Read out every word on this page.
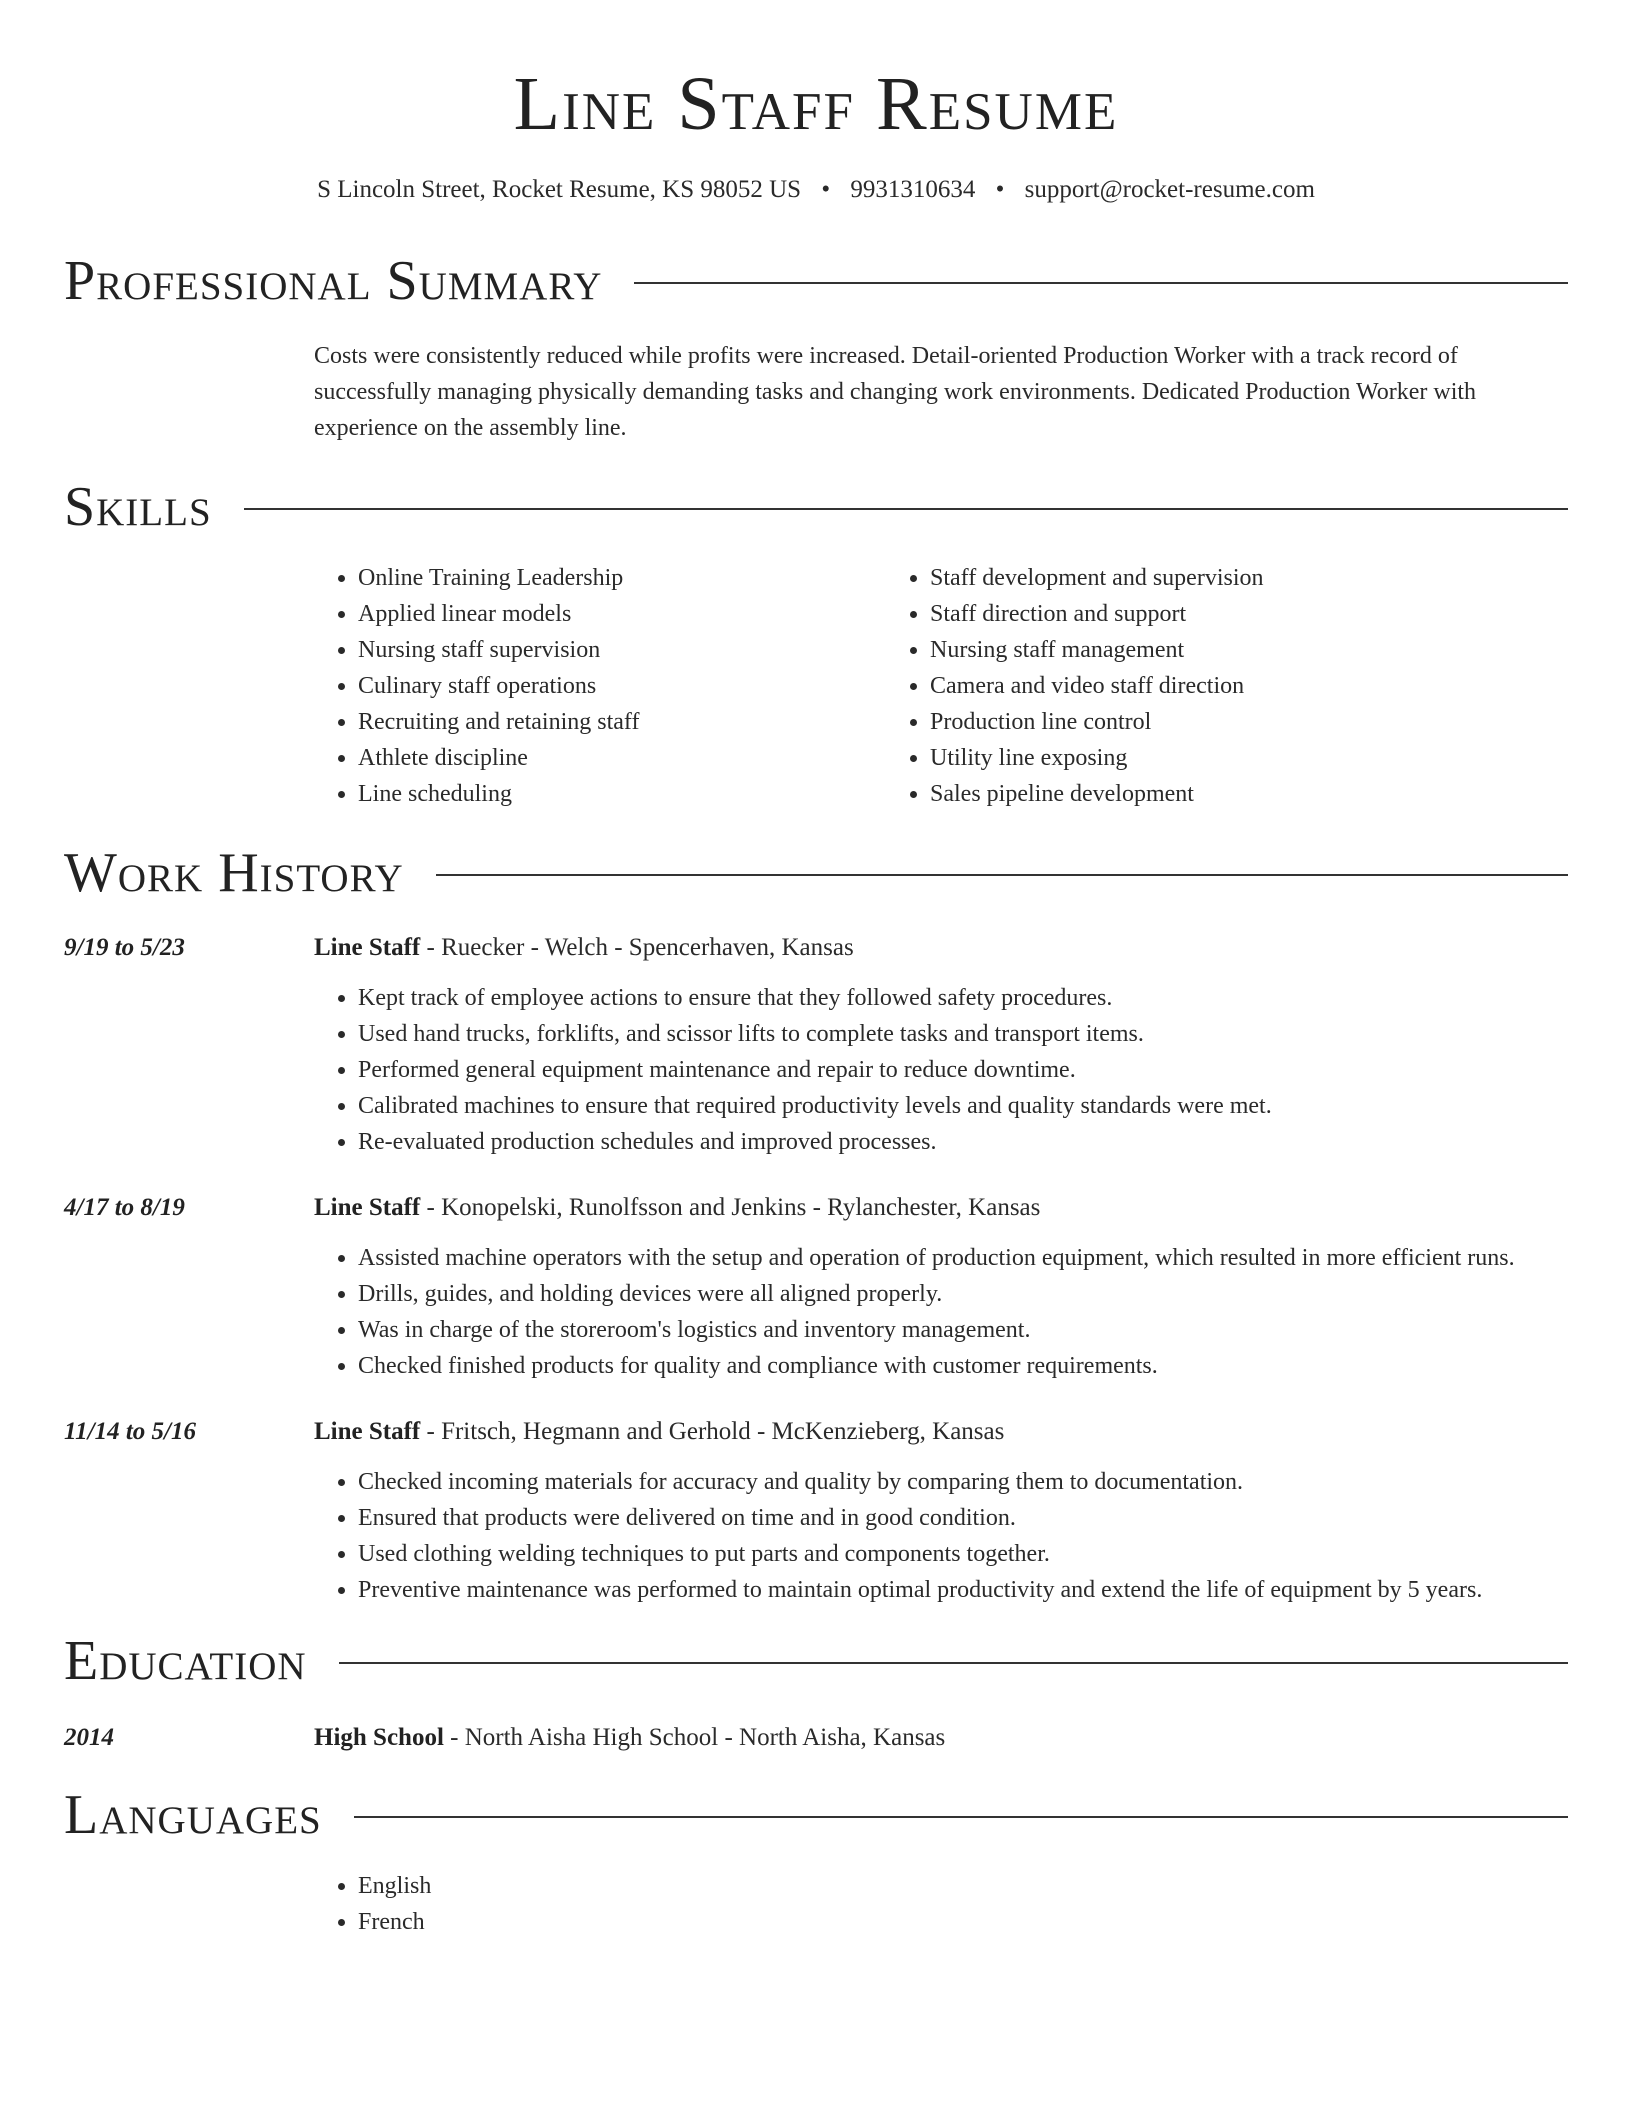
Line Staff Resume
S Lincoln Street, Rocket Resume, KS 98052 US • 9931310634 • support@rocket-resume.com
Professional Summary
Costs were consistently reduced while profits were increased. Detail-oriented Production Worker with a track record of successfully managing physically demanding tasks and changing work environments. Dedicated Production Worker with experience on the assembly line.
Skills
• Online Training Leadership
• Applied linear models
• Nursing staff supervision
• Culinary staff operations
• Recruiting and retaining staff
• Athlete discipline
• Line scheduling
• Staff development and supervision
• Staff direction and support
• Nursing staff management
• Camera and video staff direction
• Production line control
• Utility line exposing
• Sales pipeline development
Work History
9/19 to 5/23	Line Staff - Ruecker - Welch - Spencerhaven, Kansas
• Kept track of employee actions to ensure that they followed safety procedures.
• Used hand trucks, forklifts, and scissor lifts to complete tasks and transport items.
• Performed general equipment maintenance and repair to reduce downtime.
• Calibrated machines to ensure that required productivity levels and quality standards were met.
• Re-evaluated production schedules and improved processes.
4/17 to 8/19	Line Staff - Konopelski, Runolfsson and Jenkins - Rylanchester, Kansas
• Assisted machine operators with the setup and operation of production equipment, which resulted in more efficient runs.
• Drills, guides, and holding devices were all aligned properly.
• Was in charge of the storeroom's logistics and inventory management.
• Checked finished products for quality and compliance with customer requirements.
11/14 to 5/16	Line Staff - Fritsch, Hegmann and Gerhold - McKenzieberg, Kansas
• Checked incoming materials for accuracy and quality by comparing them to documentation.
• Ensured that products were delivered on time and in good condition.
• Used clothing welding techniques to put parts and components together.
• Preventive maintenance was performed to maintain optimal productivity and extend the life of equipment by 5 years.
Education
2014	High School - North Aisha High School - North Aisha, Kansas
Languages
• English
• French
